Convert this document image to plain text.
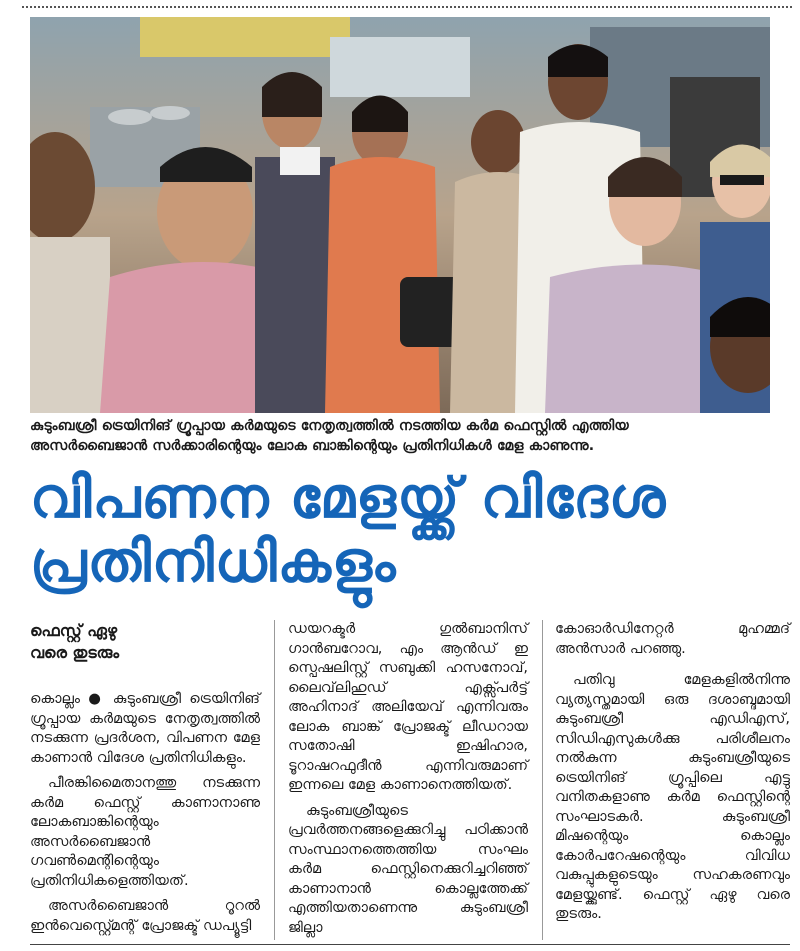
കുടുംബശ്രീ ട്രെയിനിങ് ഗ്രൂപ്പായ കർമയുടെ നേതൃത്വത്തിൽ നടത്തിയ കർമ ഫെസ്റ്റിൽ എത്തിയ
അസർബൈജാൻ സർക്കാരിന്റെയും ലോക ബാങ്കിന്റെയും പ്രതിനിധികൾ മേള കാണുന്നു.
വിപണന മേളയ്ക്ക് വിദേശ
പ്രതിനിധികളും
ഫെസ്റ്റ് ഏഴു
വരെ തുടരും

കൊല്ലം ● കുടുംബശ്രീ ട്രെയിനിങ് ഗ്രൂപ്പായ കർമയുടെ നേതൃത്വത്തിൽ നടക്കുന്ന പ്രദർശന, വിപണന മേള കാണാൻ വിദേശ പ്രതിനിധികളും.

പീരങ്കിമൈതാനത്തു നടക്കുന്ന കർമ ഫെസ്റ്റ് കാണാനാണു ലോകബാങ്കിന്റെയും അസർബൈജാൻ ഗവൺമെന്റിന്റെയും പ്രതിനിധികളെത്തിയത്.

അസർബൈജാൻ റൂറൽ ഇൻവെസ്റ്റ്മെന്റ് പ്രോജക്ട് ഡപ്യൂട്ടി

ഡയറക്ടർ ഗുൽബാനിസ് ഗാൻബറോവ, എം ആൻഡ് ഇ സ്പെഷലിസ്റ്റ് സബുക്കി ഹസനോവ്, ലൈവ്‌ലിഹുഡ് എക്സ്പർട്ട് അഹിനാദ് അലിയേവ് എന്നിവരും ലോക ബാങ്ക് പ്രോജക്ട് ലീഡറായ സതോഷി ഇഷിഹാര, ടൂറാഷറഫുദീൻ എന്നിവരുമാണ് ഇന്നലെ മേള കാണാനെത്തിയത്.

കുടുംബശ്രീയുടെ പ്രവർത്തനങ്ങളെക്കുറിച്ചു പഠിക്കാൻ സംസ്ഥാനത്തെത്തിയ സംഘം കർമ ഫെസ്റ്റിനെക്കുറിച്ചറിഞ്ഞ് കാണാനാൻ കൊല്ലത്തേക്ക് എത്തിയതാണെന്നു കുടുംബശ്രീ ജില്ലാ

കോഓർഡിനേറ്റർ മുഹമ്മദ് അൻസാർ പറഞ്ഞു.

പതിവു മേളകളിൽനിന്നു വ്യത്യസ്തമായി ഒരു ദശാബ്ദമായി കുടുംബശ്രീ എഡിഎസ്, സിഡിഎസുകൾക്കു പരിശീലനം നൽകുന്ന കുടുംബശ്രീയുടെ ട്രെയിനിങ് ഗ്രൂപ്പിലെ എട്ടു വനിതകളാണു കർമ ഫെസ്റ്റിന്റെ സംഘാടകർ. കുടുംബശ്രീ മിഷന്റെയും കൊല്ലം കോർപറേഷന്റെയും വിവിധ വകുപ്പുകളുടെയും സഹകരണവും മേളയ്ക്കുണ്ട്. ഫെസ്റ്റ് ഏഴു വരെ തുടരും.
